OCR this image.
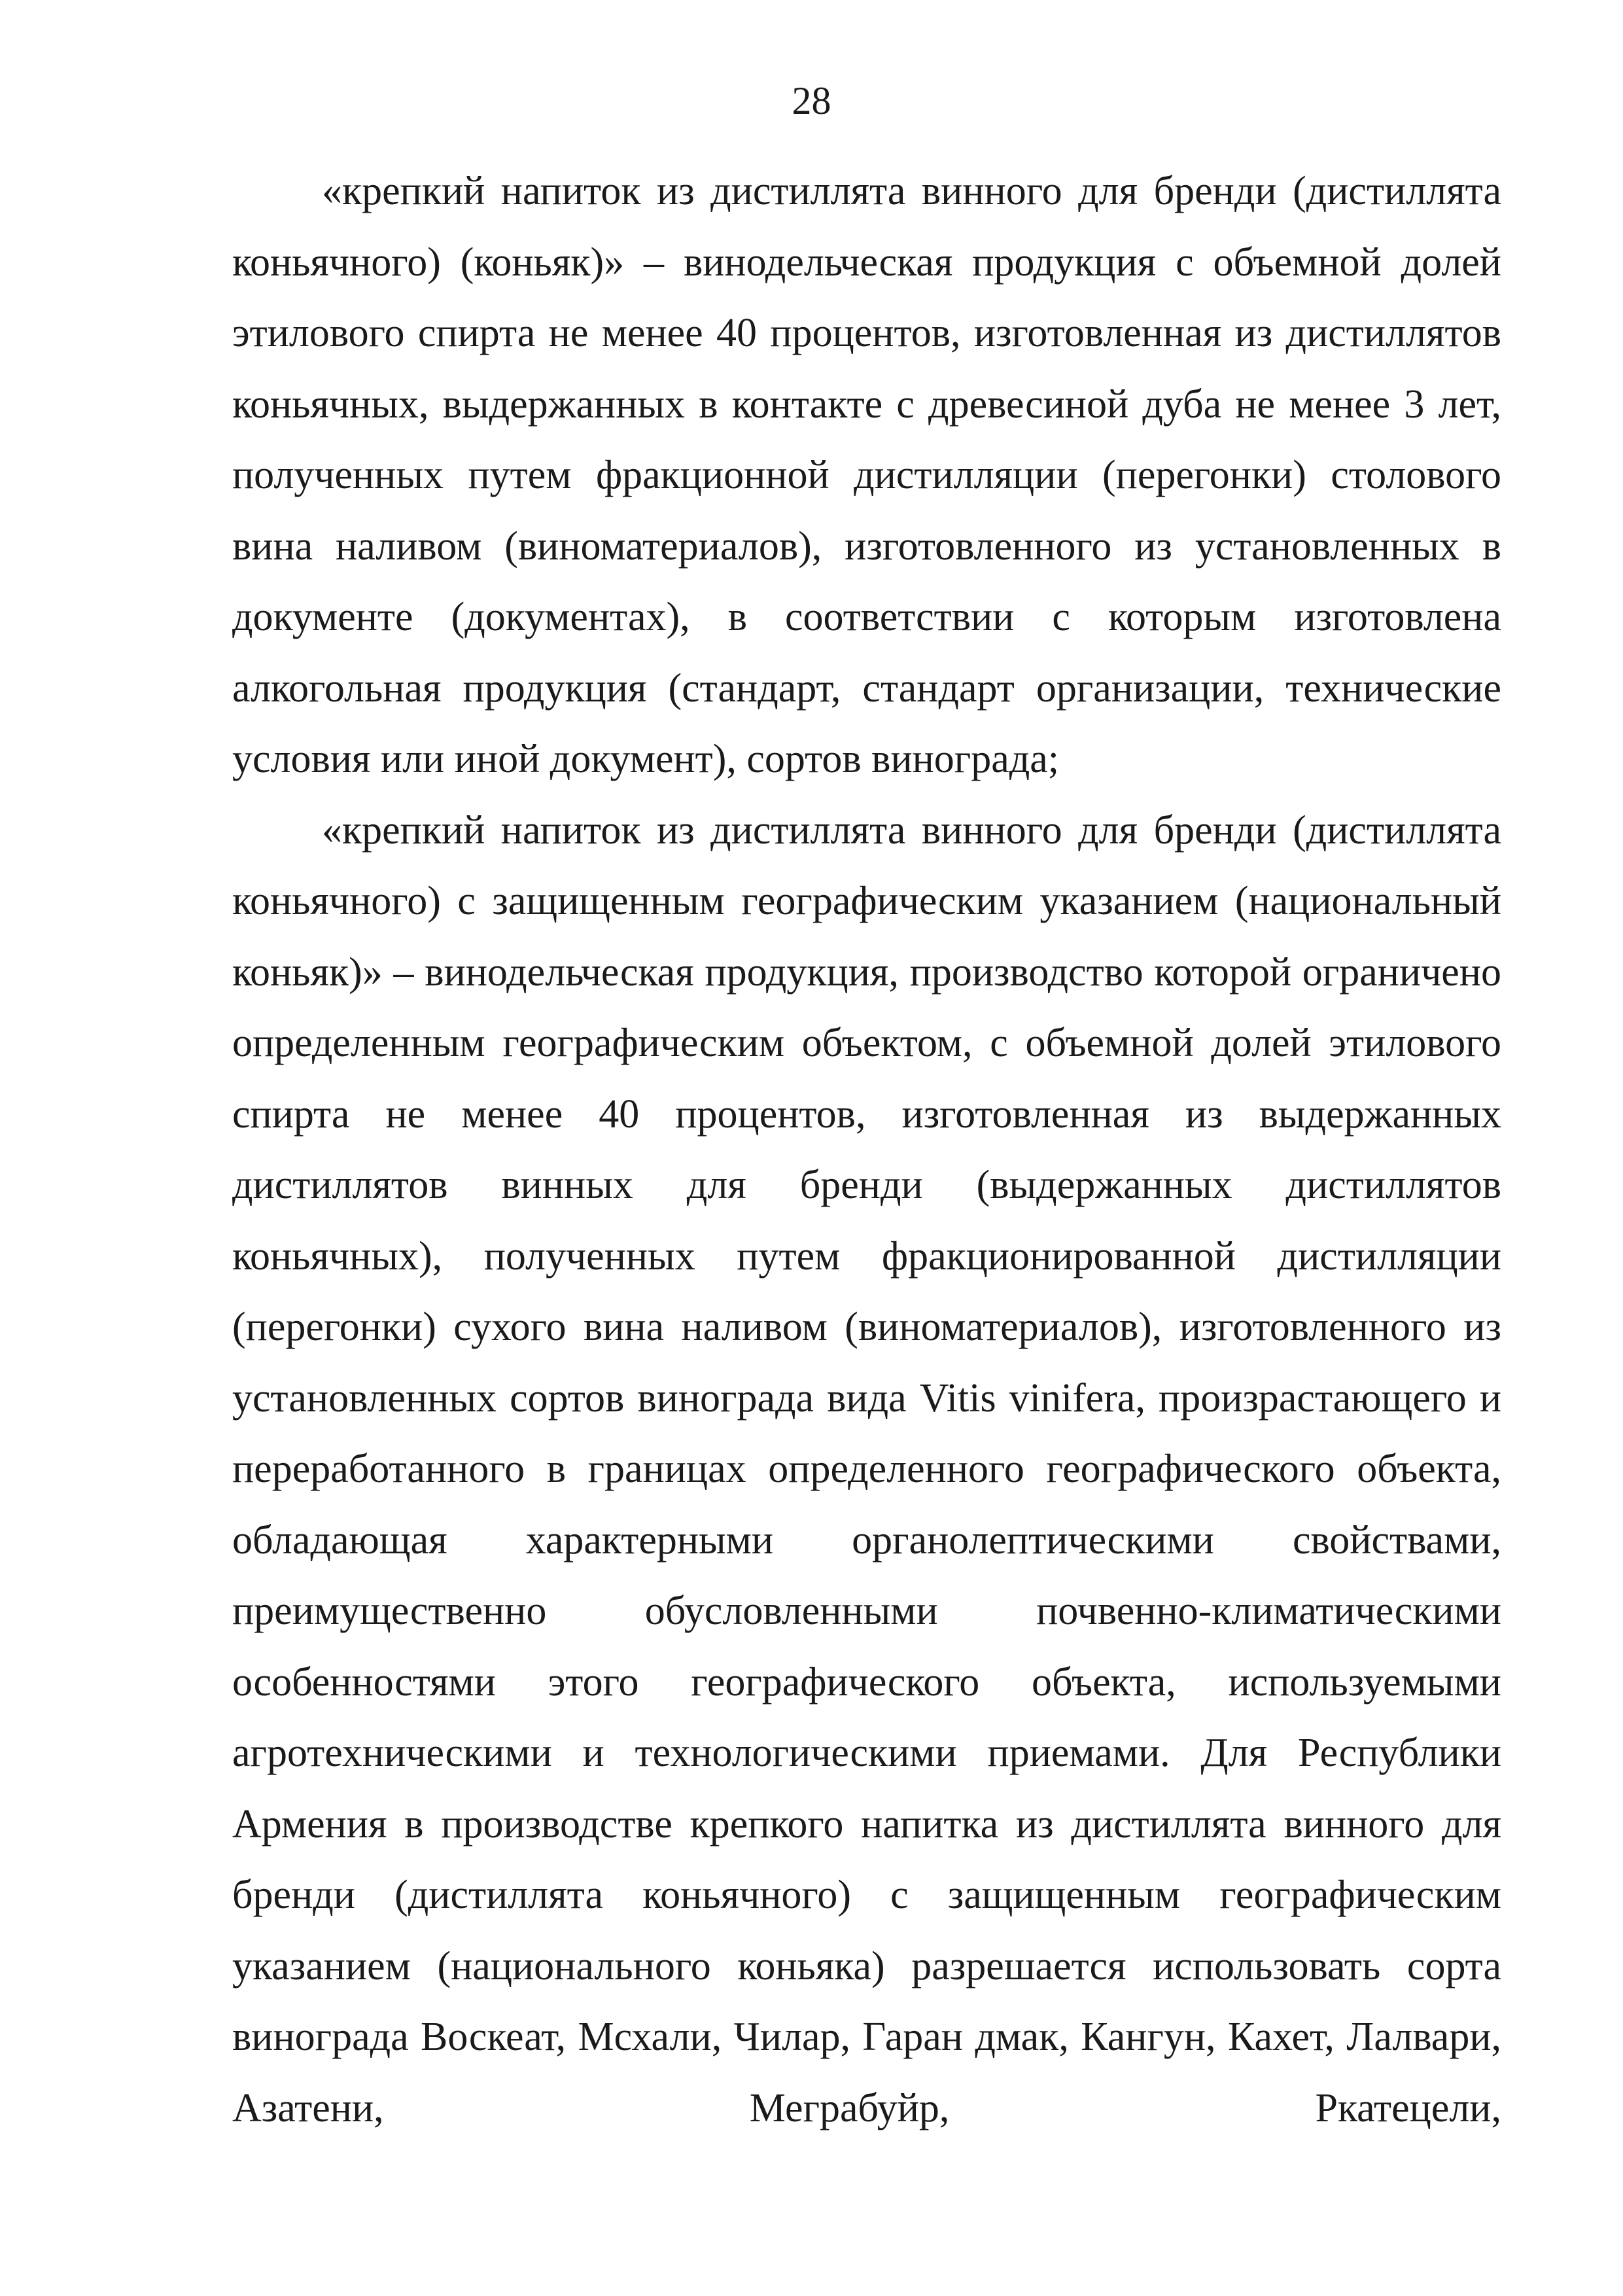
28

«крепкий напиток из дистиллята винного для бренди (дистиллята коньячного) (коньяк)» – винодельческая продукция с объемной долей этилового спирта не менее 40 процентов, изготовленная из дистиллятов коньячных, выдержанных в контакте с древесиной дуба не менее 3 лет, полученных путем фракционной дистилляции (перегонки) столового вина наливом (виноматериалов), изготовленного из установленных в документе (документах), в соответствии с которым изготовлена алкогольная продукция (стандарт, стандарт организации, технические условия или иной документ), сортов винограда;

«крепкий напиток из дистиллята винного для бренди (дистиллята коньячного) с защищенным географическим указанием (национальный коньяк)» – винодельческая продукция, производство которой ограничено определенным географическим объектом, с объемной долей этилового спирта не менее 40 процентов, изготовленная из выдержанных дистиллятов винных для бренди (выдержанных дистиллятов коньячных), полученных путем фракционированной дистилляции (перегонки) сухого вина наливом (виноматериалов), изготовленного из установленных сортов винограда вида Vitis vinifera, произрастающего и переработанного в границах определенного географического объекта, обладающая характерными органолептическими свойствами, преимущественно обусловленными почвенно-климатическими особенностями этого географического объекта, используемыми агротехническими и технологическими приемами. Для Республики Армения в производстве крепкого напитка из дистиллята винного для бренди (дистиллята коньячного) с защищенным географическим указанием (национального коньяка) разрешается использовать сорта винограда Воскеат, Мсхали, Чилар, Гаран дмак, Кангун, Кахет, Лалвари, Азатени, Меграбуйр, Ркатецели,
